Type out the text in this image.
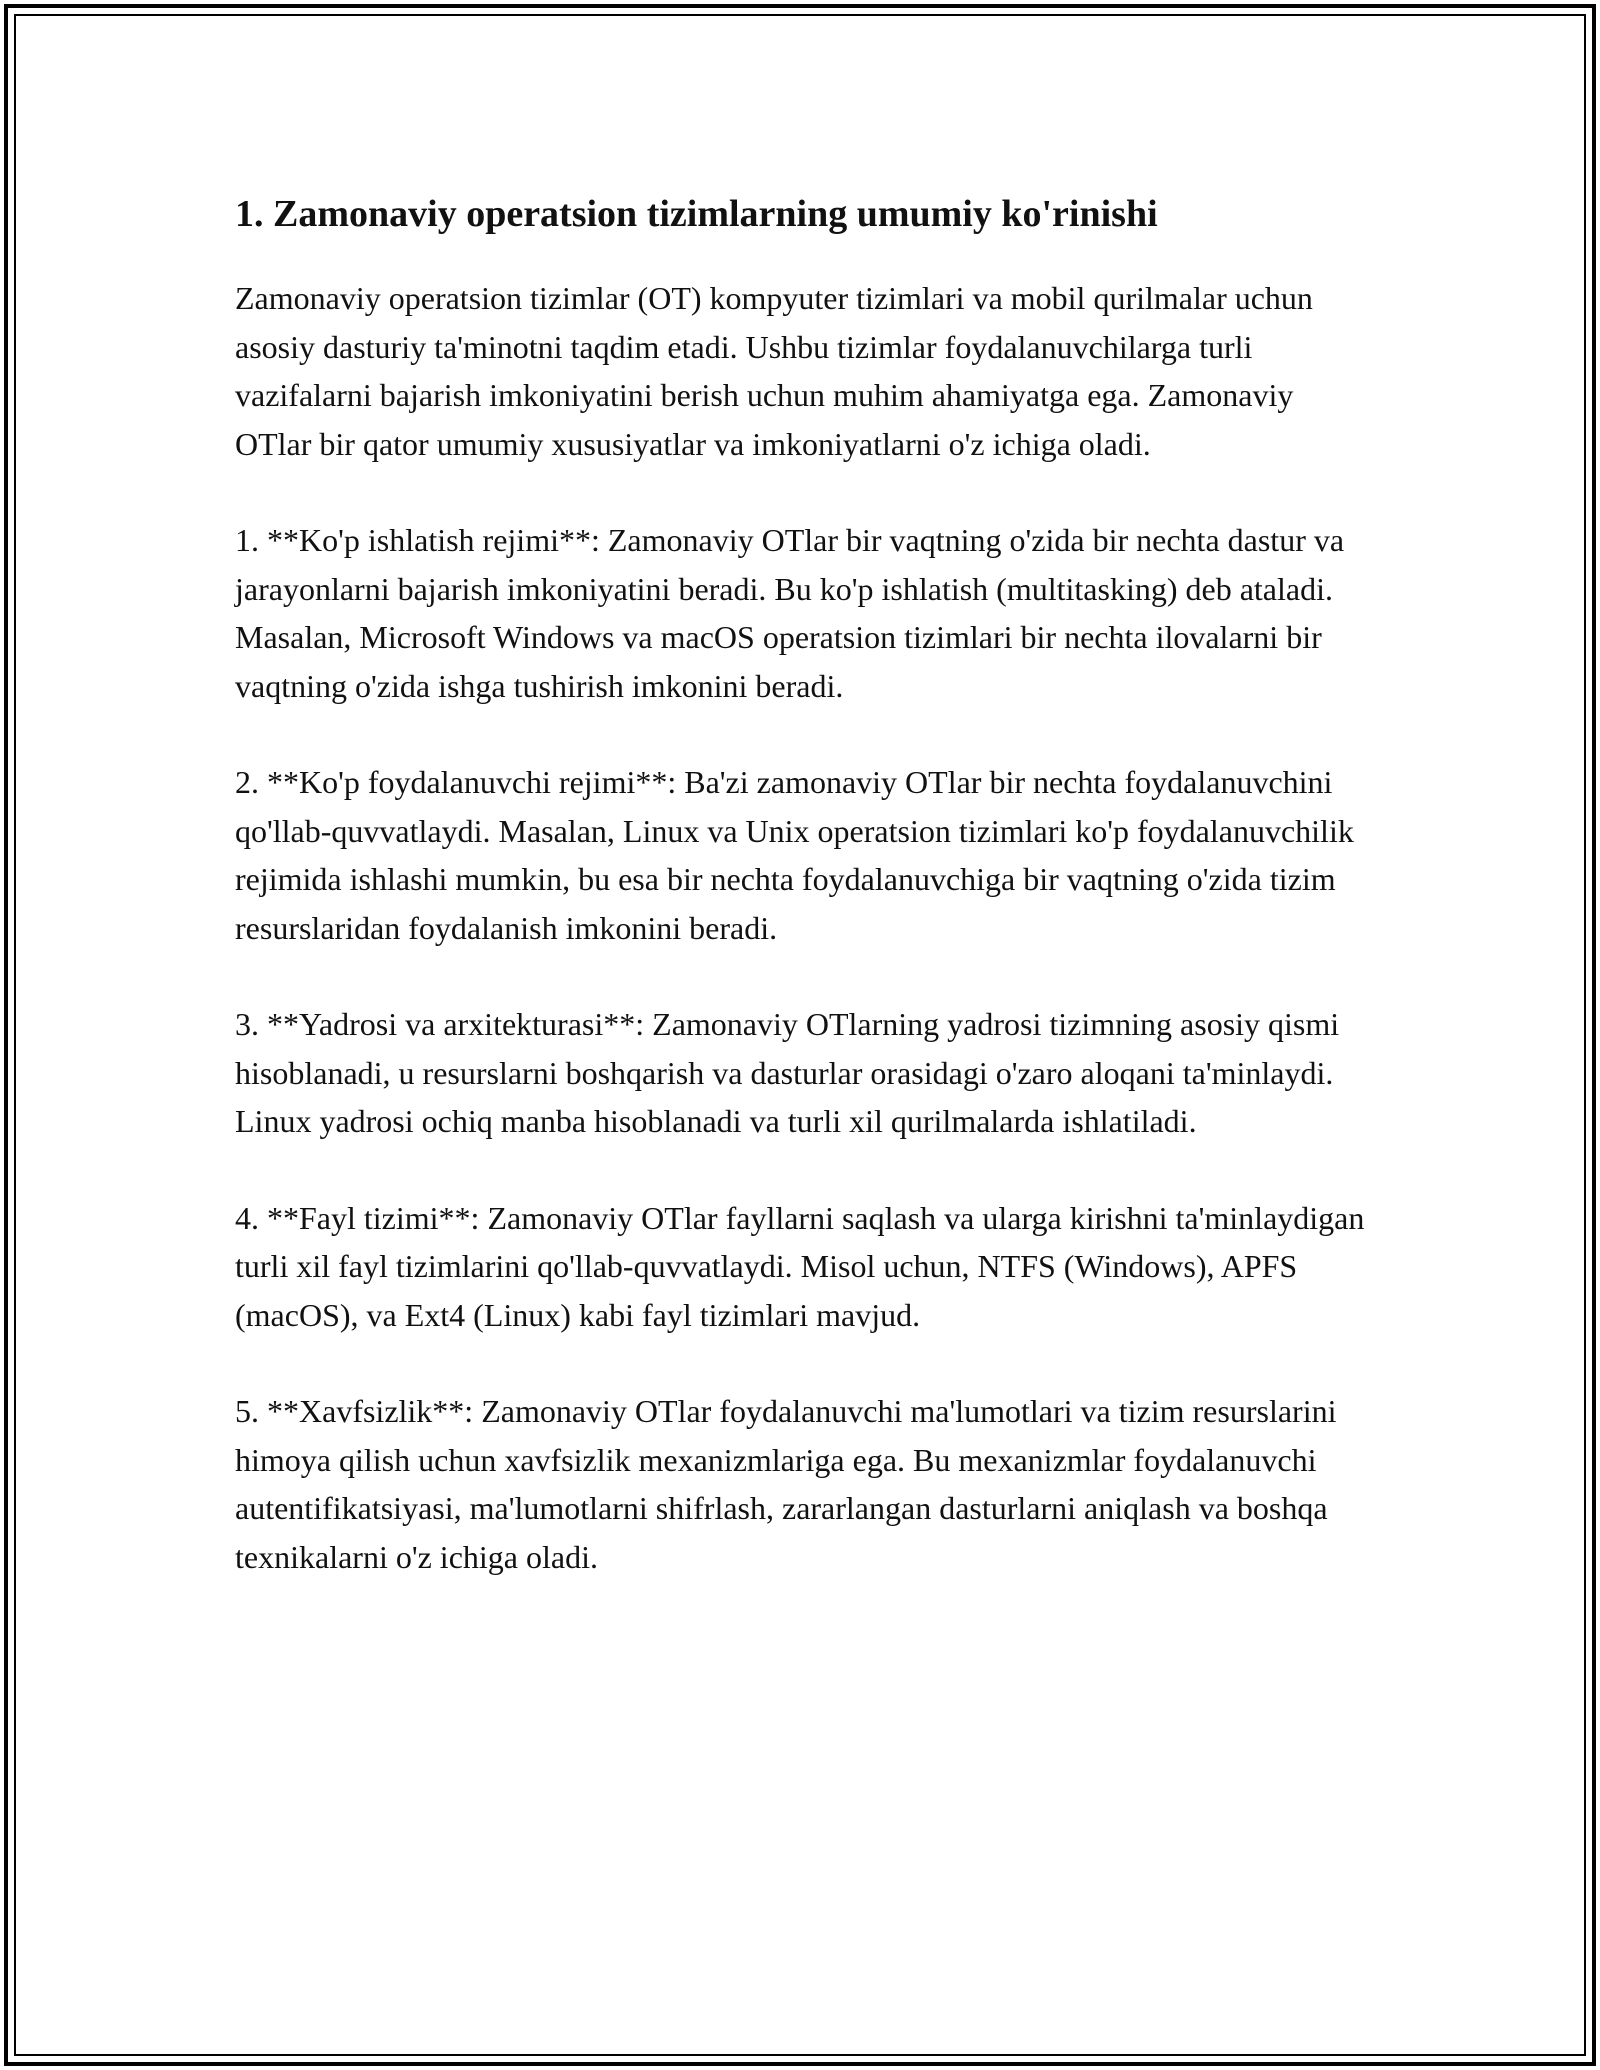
1. Zamonaviy operatsion tizimlarning umumiy ko'rinishi

Zamonaviy operatsion tizimlar (OT) kompyuter tizimlari va mobil qurilmalar uchun asosiy dasturiy ta'minotni taqdim etadi. Ushbu tizimlar foydalanuvchilarga turli vazifalarni bajarish imkoniyatini berish uchun muhim ahamiyatga ega. Zamonaviy OTlar bir qator umumiy xususiyatlar va imkoniyatlarni o'z ichiga oladi.

1. **Ko'p ishlatish rejimi**: Zamonaviy OTlar bir vaqtning o'zida bir nechta dastur va jarayonlarni bajarish imkoniyatini beradi. Bu ko'p ishlatish (multitasking) deb ataladi. Masalan, Microsoft Windows va macOS operatsion tizimlari bir nechta ilovalarni bir vaqtning o'zida ishga tushirish imkonini beradi.

2. **Ko'p foydalanuvchi rejimi**: Ba'zi zamonaviy OTlar bir nechta foydalanuvchini qo'llab-quvvatlaydi. Masalan, Linux va Unix operatsion tizimlari ko'p foydalanuvchilik rejimida ishlashi mumkin, bu esa bir nechta foydalanuvchiga bir vaqtning o'zida tizim resurslaridan foydalanish imkonini beradi.

3. **Yadrosi va arxitekturasi**: Zamonaviy OTlarning yadrosi tizimning asosiy qismi hisoblanadi, u resurslarni boshqarish va dasturlar orasidagi o'zaro aloqani ta'minlaydi. Linux yadrosi ochiq manba hisoblanadi va turli xil qurilmalarda ishlatiladi.

4. **Fayl tizimi**: Zamonaviy OTlar fayllarni saqlash va ularga kirishni ta'minlaydigan turli xil fayl tizimlarini qo'llab-quvvatlaydi. Misol uchun, NTFS (Windows), APFS (macOS), va Ext4 (Linux) kabi fayl tizimlari mavjud.

5. **Xavfsizlik**: Zamonaviy OTlar foydalanuvchi ma'lumotlari va tizim resurslarini himoya qilish uchun xavfsizlik mexanizmlariga ega. Bu mexanizmlar foydalanuvchi autentifikatsiyasi, ma'lumotlarni shifrlash, zararlangan dasturlarni aniqlash va boshqa texnikalarni o'z ichiga oladi.
